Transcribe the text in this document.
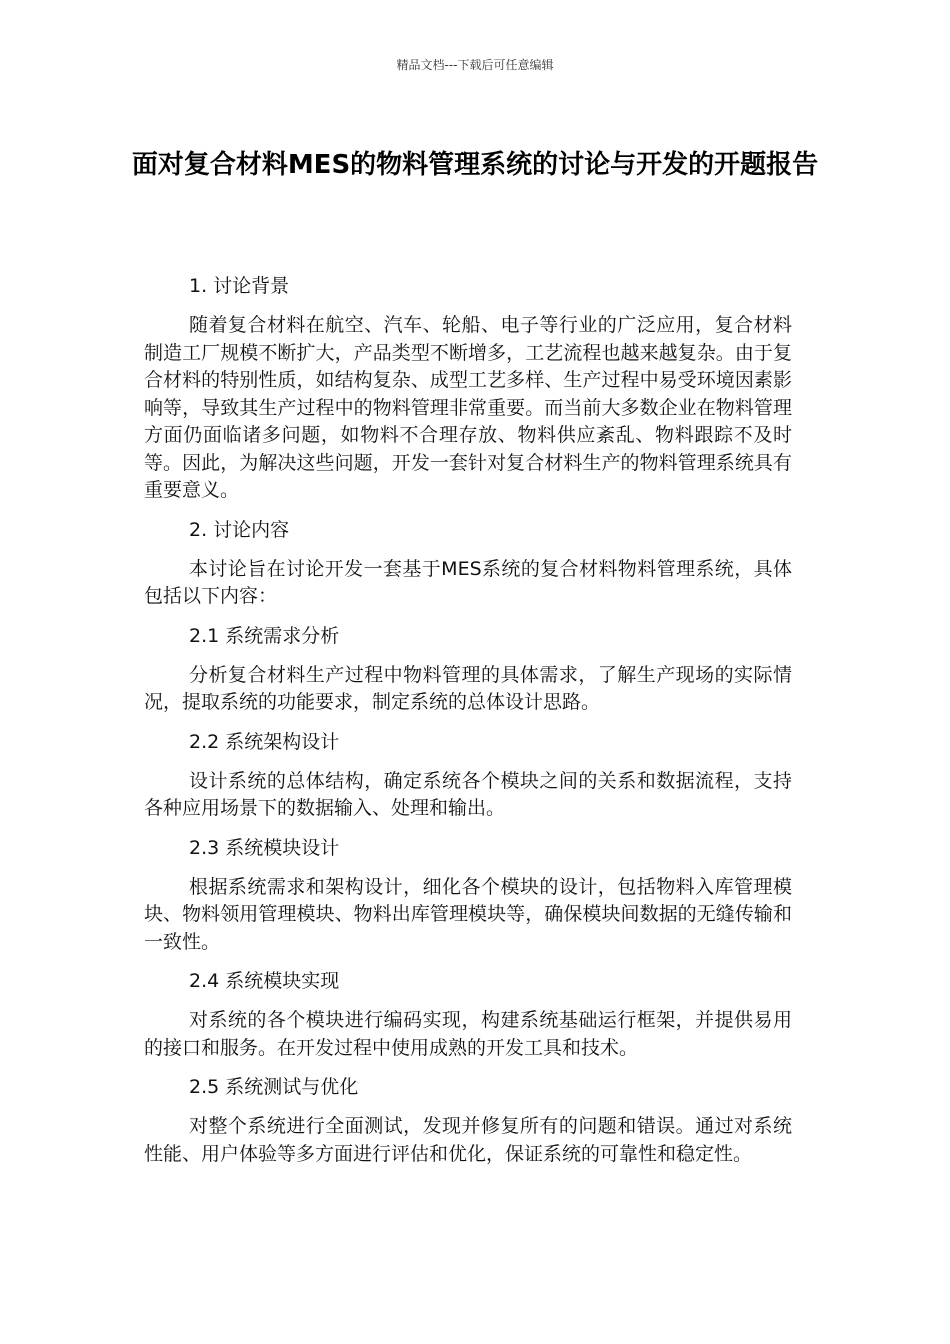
精品文档---下载后可任意编辑
面对复合材料MES的物料管理系统的讨论与开发的开题报告
1. 讨论背景

随着复合材料在航空、汽车、轮船、电子等行业的广泛应用，复合材料制造工厂规模不断扩大，产品类型不断增多，工艺流程也越来越复杂。由于复合材料的特别性质，如结构复杂、成型工艺多样、生产过程中易受环境因素影响等，导致其生产过程中的物料管理非常重要。而当前大多数企业在物料管理方面仍面临诸多问题，如物料不合理存放、物料供应紊乱、物料跟踪不及时等。因此，为解决这些问题，开发一套针对复合材料生产的物料管理系统具有重要意义。

2. 讨论内容

本讨论旨在讨论开发一套基于MES系统的复合材料物料管理系统，具体包括以下内容：

2.1 系统需求分析

分析复合材料生产过程中物料管理的具体需求，了解生产现场的实际情况，提取系统的功能要求，制定系统的总体设计思路。

2.2 系统架构设计

设计系统的总体结构，确定系统各个模块之间的关系和数据流程，支持各种应用场景下的数据输入、处理和输出。

2.3 系统模块设计

根据系统需求和架构设计，细化各个模块的设计，包括物料入库管理模块、物料领用管理模块、物料出库管理模块等，确保模块间数据的无缝传输和一致性。

2.4 系统模块实现

对系统的各个模块进行编码实现，构建系统基础运行框架，并提供易用的接口和服务。在开发过程中使用成熟的开发工具和技术。

2.5 系统测试与优化

对整个系统进行全面测试，发现并修复所有的问题和错误。通过对系统性能、用户体验等多方面进行评估和优化，保证系统的可靠性和稳定性。
